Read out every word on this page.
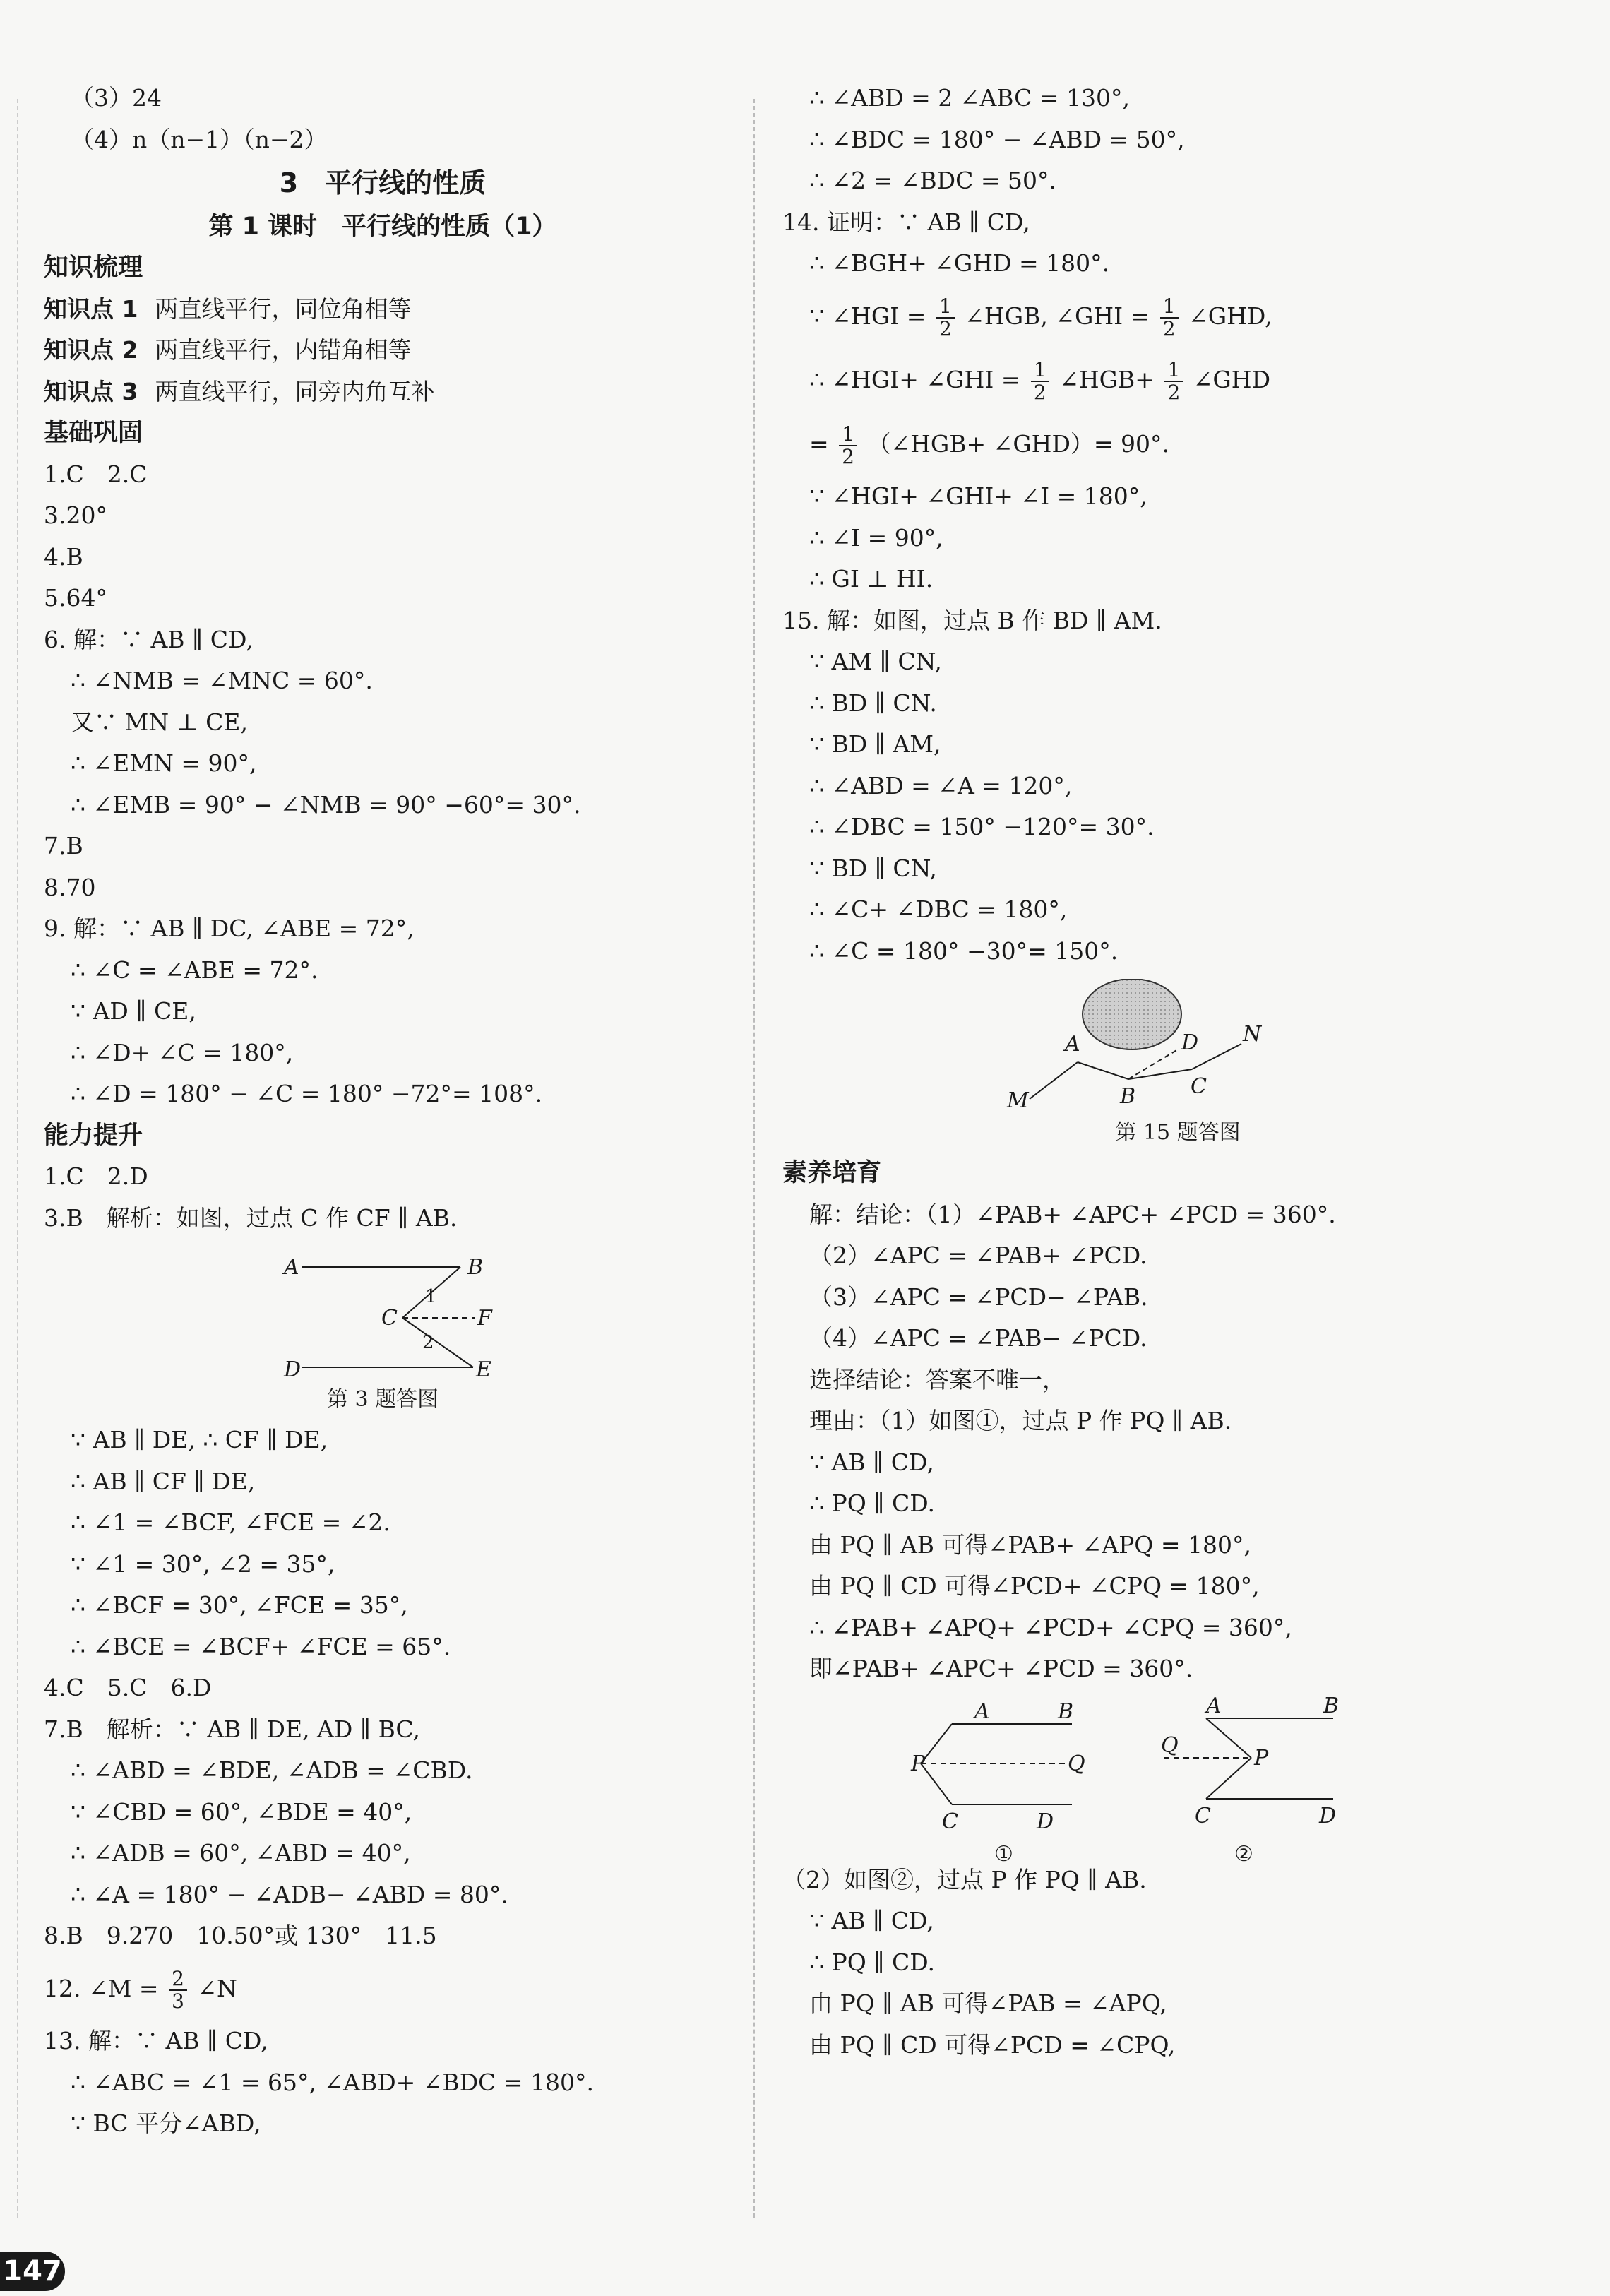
（3）24
（4）n（n−1）（n−2）
3　平行线的性质
第 1 课时　平行线的性质（1）
知识梳理
知识点 1 两直线平行，同位角相等
知识点 2 两直线平行，内错角相等
知识点 3 两直线平行，同旁内角互补
基础巩固
1.C　2.C
3.20°
4.B
5.64°
6. 解：∵ AB ∥ CD,
∴ ∠NMB = ∠MNC = 60°.
又∵ MN ⊥ CE,
∴ ∠EMN = 90°,
∴ ∠EMB = 90° − ∠NMB = 90° −60°= 30°.
7.B
8.70
9. 解：∵ AB ∥ DC, ∠ABE = 72°,
∴ ∠C = ∠ABE = 72°.
∵ AD ∥ CE,
∴ ∠D+ ∠C = 180°,
∴ ∠D = 180° − ∠C = 180° −72°= 108°.
能力提升
1.C　2.D
3.B　解析：如图，过点 C 作 CF ∥ AB.
A	B
C	F
D	E
1
2
第 3 题答图
∵ AB ∥ DE, ∴ CF ∥ DE,
∴ AB ∥ CF ∥ DE,
∴ ∠1 = ∠BCF, ∠FCE = ∠2.
∵ ∠1 = 30°, ∠2 = 35°,
∴ ∠BCF = 30°, ∠FCE = 35°,
∴ ∠BCE = ∠BCF+ ∠FCE = 65°.
4.C　5.C　6.D
7.B　解析：∵ AB ∥ DE, AD ∥ BC,
∴ ∠ABD = ∠BDE, ∠ADB = ∠CBD.
∵ ∠CBD = 60°, ∠BDE = 40°,
∴ ∠ADB = 60°, ∠ABD = 40°,
∴ ∠A = 180° − ∠ADB− ∠ABD = 80°.
8.B　9.270　10.50°或 130°　11.5
12. ∠M = $\frac{2}{3}$ ∠N
13. 解：∵ AB ∥ CD,
∴ ∠ABC = ∠1 = 65°, ∠ABD+ ∠BDC = 180°.
∵ BC 平分∠ABD,
∴ ∠ABD = 2 ∠ABC = 130°,
∴ ∠BDC = 180° − ∠ABD = 50°,
∴ ∠2 = ∠BDC = 50°.
14. 证明：∵ AB ∥ CD,
∴ ∠BGH+ ∠GHD = 180°.
∵ ∠HGI = $\frac{1}{2}$ ∠HGB, ∠GHI = $\frac{1}{2}$ ∠GHD,
∴ ∠HGI+ ∠GHI = $\frac{1}{2}$ ∠HGB+ $\frac{1}{2}$ ∠GHD
= $\frac{1}{2}$ （∠HGB+ ∠GHD）= 90°.
∵ ∠HGI+ ∠GHI+ ∠I = 180°,
∴ ∠I = 90°,
∴ GI ⊥ HI.
15. 解：如图，过点 B 作 BD ∥ AM.
∵ AM ∥ CN,
∴ BD ∥ CN.
∵ BD ∥ AM,
∴ ∠ABD = ∠A = 120°,
∴ ∠DBC = 150° −120°= 30°.
∵ BD ∥ CN,
∴ ∠C+ ∠DBC = 180°,
∴ ∠C = 180° −30°= 150°.
A	D N
M	B	C
第 15 题答图
素养培育
解：结论：（1）∠PAB+ ∠APC+ ∠PCD = 360°.
（2）∠APC = ∠PAB+ ∠PCD.
（3）∠APC = ∠PCD− ∠PAB.
（4）∠APC = ∠PAB− ∠PCD.
选择结论：答案不唯一，
理由：（1）如图①，过点 P 作 PQ ∥ AB.
∵ AB ∥ CD,
∴ PQ ∥ CD.
由 PQ ∥ AB 可得∠PAB+ ∠APQ = 180°,
由 PQ ∥ CD 可得∠PCD+ ∠CPQ = 180°,
∴ ∠PAB+ ∠APQ+ ∠PCD+ ∠CPQ = 360°,
即∠PAB+ ∠APC+ ∠PCD = 360°.
A	B
P	Q
C	D
①
A	B
Q
P
C	D
②
（2）如图②，过点 P 作 PQ ∥ AB.
∵ AB ∥ CD,
∴ PQ ∥ CD.
由 PQ ∥ AB 可得∠PAB = ∠APQ,
由 PQ ∥ CD 可得∠PCD = ∠CPQ,
147
